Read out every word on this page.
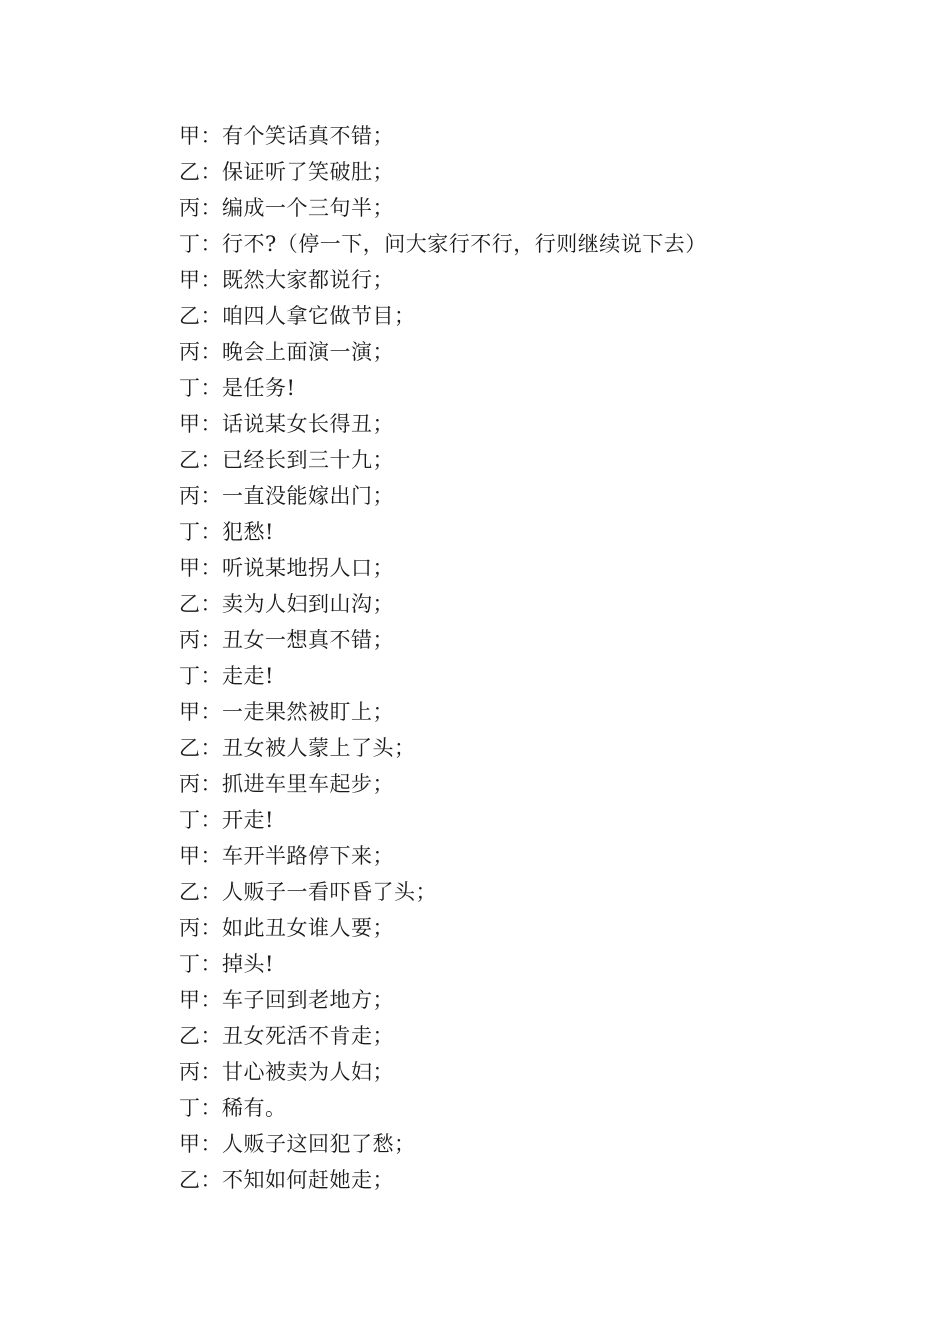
甲：有个笑话真不错；
乙：保证听了笑破肚；
丙：编成一个三句半；
丁：行不?（停一下，问大家行不行，行则继续说下去）
甲：既然大家都说行；
乙：咱四人拿它做节目；
丙：晚会上面演一演；
丁：是任务!
甲：话说某女长得丑；
乙：已经长到三十九；
丙：一直没能嫁出门；
丁：犯愁!
甲：听说某地拐人口；
乙：卖为人妇到山沟；
丙：丑女一想真不错；
丁：走走!
甲：一走果然被盯上；
乙：丑女被人蒙上了头；
丙：抓进车里车起步；
丁：开走!
甲：车开半路停下来；
乙：人贩子一看吓昏了头；
丙：如此丑女谁人要；
丁：掉头!
甲：车子回到老地方；
乙：丑女死活不肯走；
丙：甘心被卖为人妇；
丁：稀有。
甲：人贩子这回犯了愁；
乙：不知如何赶她走；
